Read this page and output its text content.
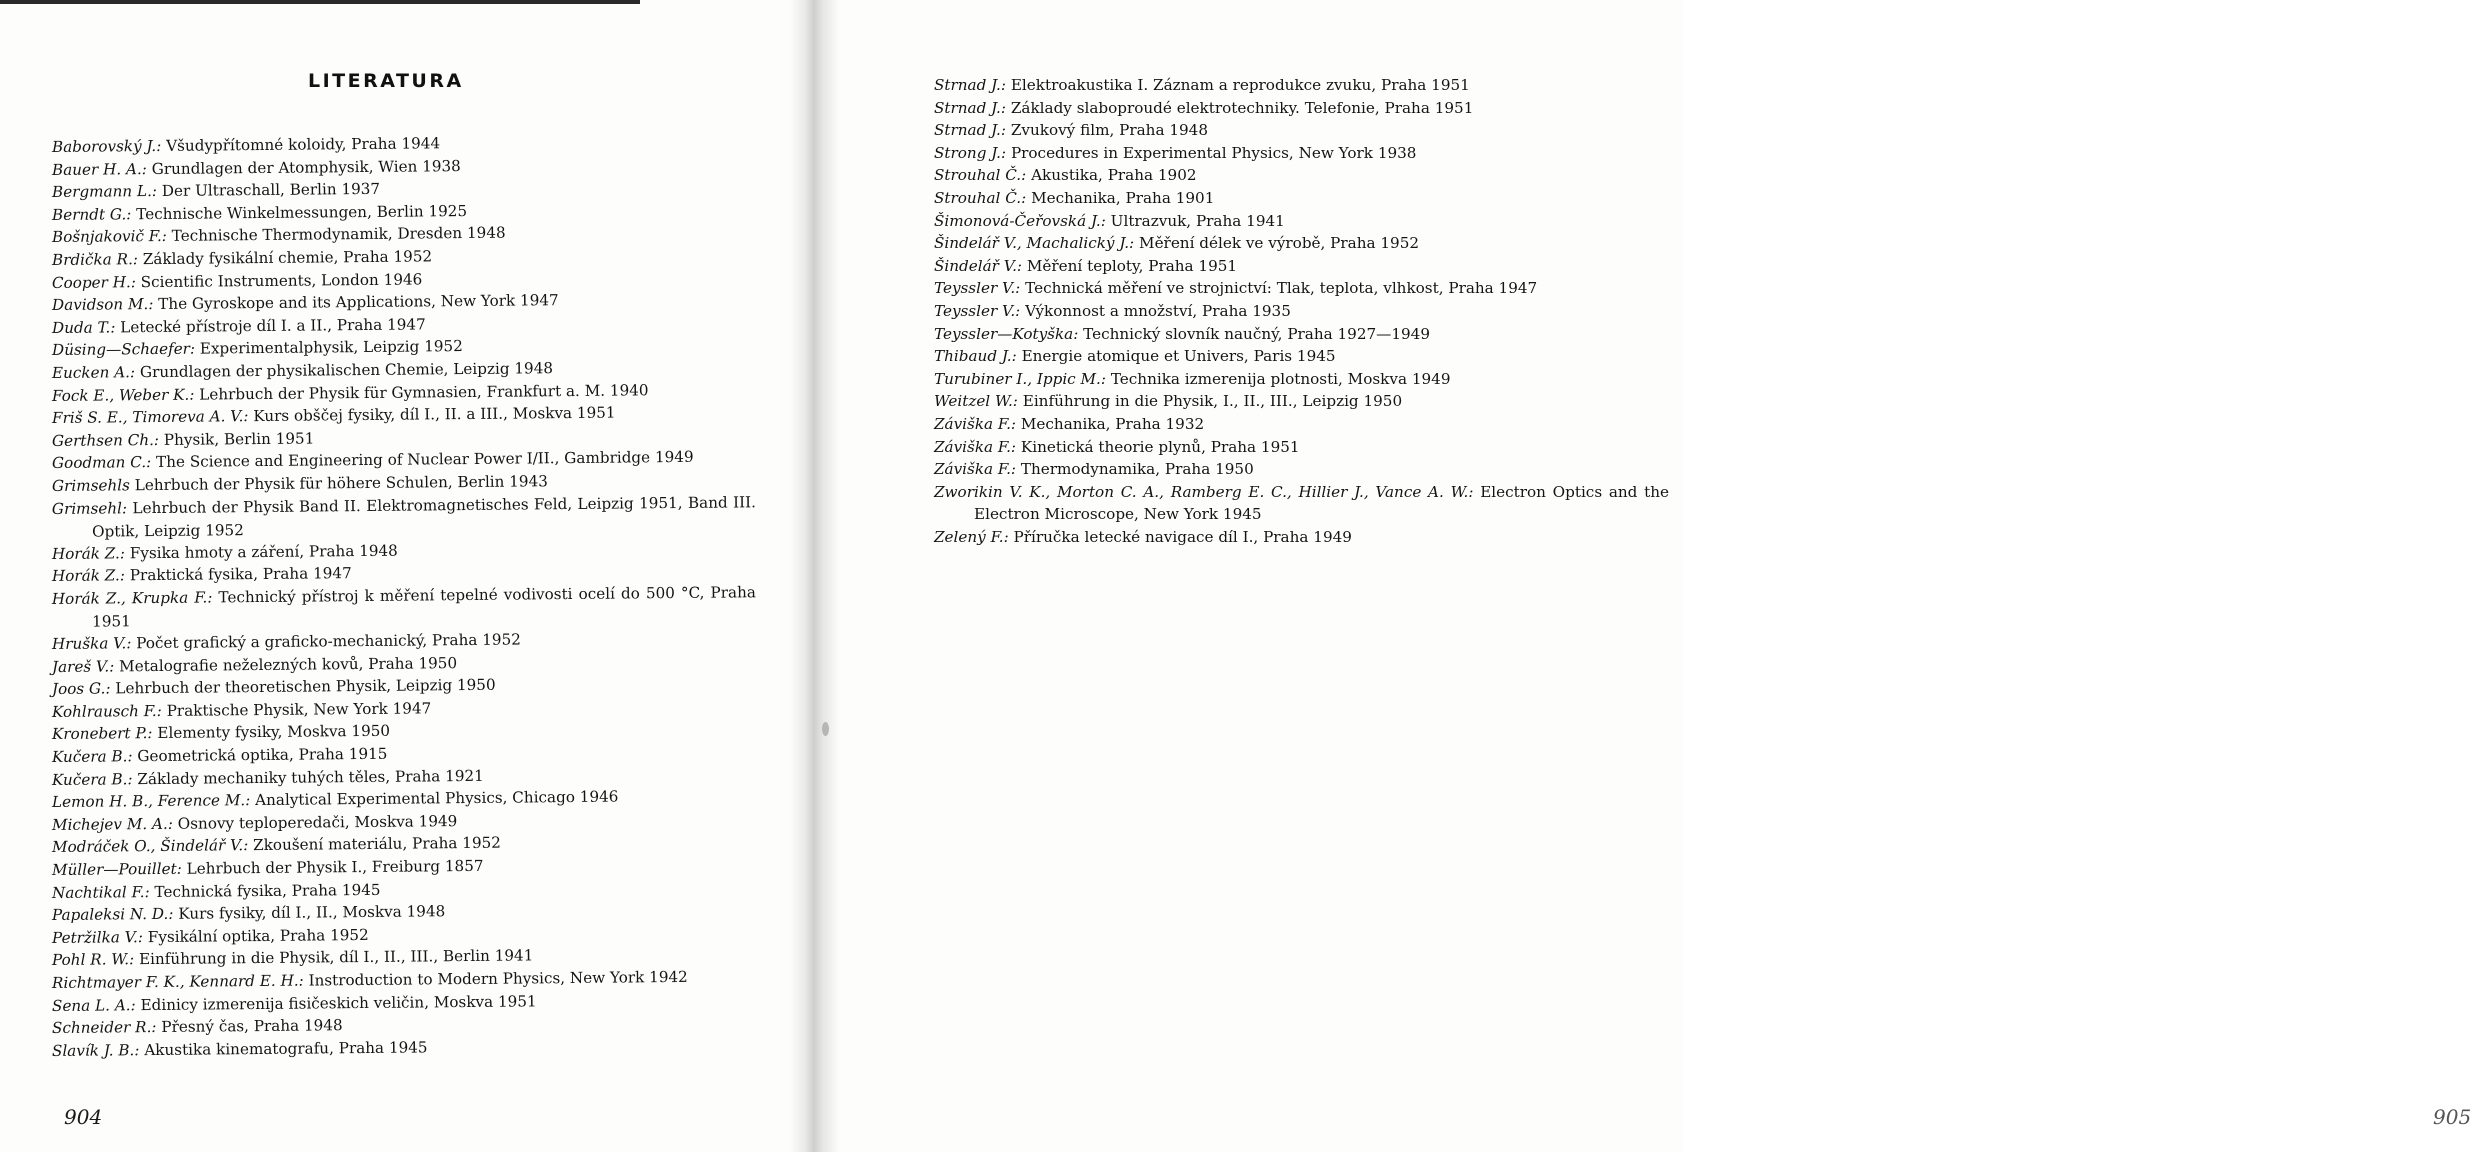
LITERATURA
Baborovský J.: Všudypřítomné koloidy, Praha 1944
Bauer H. A.: Grundlagen der Atomphysik, Wien 1938
Bergmann L.: Der Ultraschall, Berlin 1937
Berndt G.: Technische Winkelmessungen, Berlin 1925
Bošnjakovič F.: Technische Thermodynamik, Dresden 1948
Brdička R.: Základy fysikální chemie, Praha 1952
Cooper H.: Scientific Instruments, London 1946
Davidson M.: The Gyroskope and its Applications, New York 1947
Duda T.: Letecké přístroje díl I. a II., Praha 1947
Düsing—Schaefer: Experimentalphysik, Leipzig 1952
Eucken A.: Grundlagen der physikalischen Chemie, Leipzig 1948
Fock E., Weber K.: Lehrbuch der Physik für Gymnasien, Frankfurt a. M. 1940
Friš S. E., Timoreva A. V.: Kurs obščej fysiky, díl I., II. a III., Moskva 1951
Gerthsen Ch.: Physik, Berlin 1951
Goodman C.: The Science and Engineering of Nuclear Power I/II., Gambridge 1949
Grimsehls Lehrbuch der Physik für höhere Schulen, Berlin 1943
Grimsehl: Lehrbuch der Physik Band II. Elektromagnetisches Feld, Leipzig 1951, Band III. Optik, Leipzig 1952
Horák Z.: Fysika hmoty a záření, Praha 1948
Horák Z.: Praktická fysika, Praha 1947
Horák Z., Krupka F.: Technický přístroj k měření tepelné vodivosti ocelí do 500 °C, Praha 1951
Hruška V.: Počet grafický a graficko-mechanický, Praha 1952
Jareš V.: Metalografie neželezných kovů, Praha 1950
Joos G.: Lehrbuch der theoretischen Physik, Leipzig 1950
Kohlrausch F.: Praktische Physik, New York 1947
Kronebert P.: Elementy fysiky, Moskva 1950
Kučera B.: Geometrická optika, Praha 1915
Kučera B.: Základy mechaniky tuhých těles, Praha 1921
Lemon H. B., Ference M.: Analytical Experimental Physics, Chicago 1946
Michejev M. A.: Osnovy teploperedači, Moskva 1949
Modráček O., Šindelář V.: Zkoušení materiálu, Praha 1952
Müller—Pouillet: Lehrbuch der Physik I., Freiburg 1857
Nachtikal F.: Technická fysika, Praha 1945
Papaleksi N. D.: Kurs fysiky, díl I., II., Moskva 1948
Petržilka V.: Fysikální optika, Praha 1952
Pohl R. W.: Einführung in die Physik, díl I., II., III., Berlin 1941
Richtmayer F. K., Kennard E. H.: Instroduction to Modern Physics, New York 1942
Sena L. A.: Edinicy izmerenija fisičeskich veličin, Moskva 1951
Schneider R.: Přesný čas, Praha 1948
Slavík J. B.: Akustika kinematografu, Praha 1945
904
Strnad J.: Elektroakustika I. Záznam a reprodukce zvuku, Praha 1951
Strnad J.: Základy slaboproudé elektrotechniky. Telefonie, Praha 1951
Strnad J.: Zvukový film, Praha 1948
Strong J.: Procedures in Experimental Physics, New York 1938
Strouhal Č.: Akustika, Praha 1902
Strouhal Č.: Mechanika, Praha 1901
Šimonová-Čeřovská J.: Ultrazvuk, Praha 1941
Šindelář V., Machalický J.: Měření délek ve výrobě, Praha 1952
Šindelář V.: Měření teploty, Praha 1951
Teyssler V.: Technická měření ve strojnictví: Tlak, teplota, vlhkost, Praha 1947
Teyssler V.: Výkonnost a množství, Praha 1935
Teyssler—Kotyška: Technický slovník naučný, Praha 1927—1949
Thibaud J.: Energie atomique et Univers, Paris 1945
Turubiner I., Ippic M.: Technika izmerenija plotnosti, Moskva 1949
Weitzel W.: Einführung in die Physik, I., II., III., Leipzig 1950
Záviška F.: Mechanika, Praha 1932
Záviška F.: Kinetická theorie plynů, Praha 1951
Záviška F.: Thermodynamika, Praha 1950
Zworikin V. K., Morton C. A., Ramberg E. C., Hillier J., Vance A. W.: Electron Optics and the Electron Microscope, New York 1945
Zelený F.: Příručka letecké navigace díl I., Praha 1949
905
